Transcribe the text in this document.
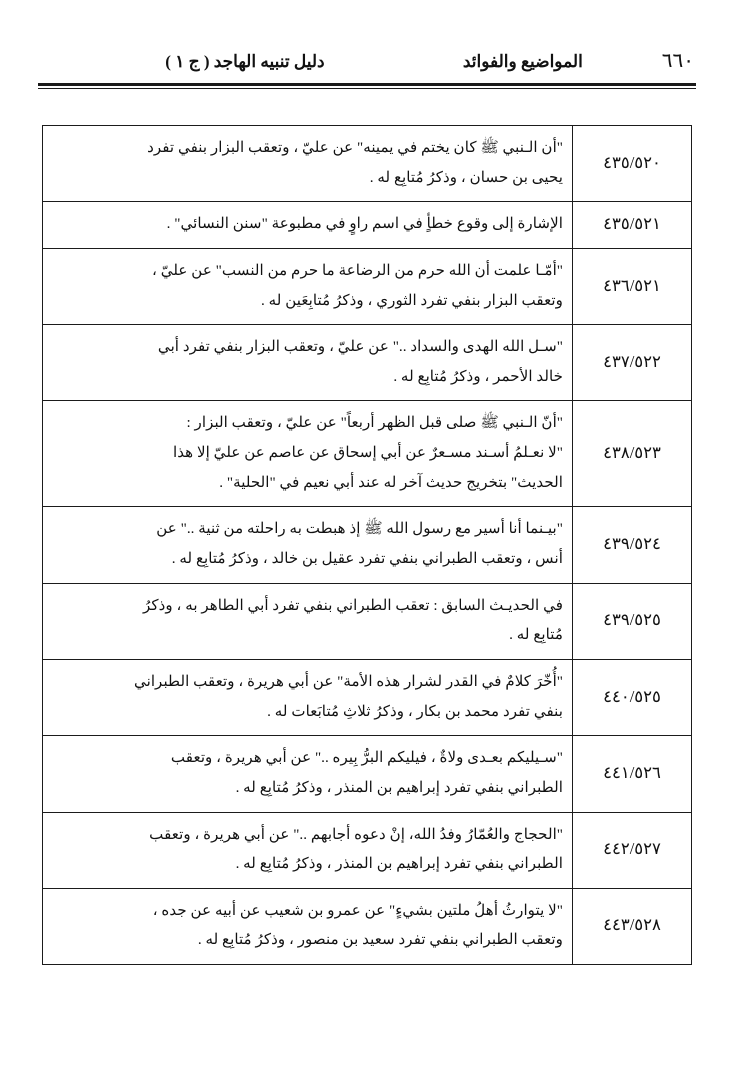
٦٦٠
المواضيع والفوائد
دليل تنبيه الهاجد ( ج ١ )
٤٣٥/٥٢٠	"أن الـنبي ﷺ كان يختم في يمينه" عن عليّ ، وتعقب البزار بنفي تفرد
يحيى بن حسان ، وذكرُ مُتابِع له .

٤٣٥/٥٢١	الإشارة إلى وقوع خطأٍ في اسم راوٍ في مطبوعة "سنن النسائي" .

٤٣٦/٥٢١	"أمّـا علمت أن الله حرم من الرضاعة ما حرم من النسب" عن عليّ ،
وتعقب البزار بنفي تفرد الثوري ، وذكرُ مُتابِعَين له .

٤٣٧/٥٢٢	"سـل الله الهدى والسداد .." عن عليّ ، وتعقب البزار بنفي تفرد أبي
خالد الأحمر ، وذكرُ مُتابِع له .

٤٣٨/٥٢٣	"أنّ الـنبي ﷺ صلى قبل الظهر أربعاً" عن عليّ ، وتعقب البزار :
"لا نعـلمُ أسـند مسـعرٌ عن أبي إسحاق عن عاصم عن عليّ إلا هذا
الحديث" بتخريج حديث آخر له عند أبي نعيم في "الحلية" .

٤٣٩/٥٢٤	"بيـنما أنا أسير مع رسول الله ﷺ إذ هبطت به راحلته من ثنية .." عن
أنس ، وتعقب الطبراني بنفي تفرد عقيل بن خالد ، وذكرُ مُتابِع له .

٤٣٩/٥٢٥	في الحديـث السابق : تعقب الطبراني بنفي تفرد أبي الطاهر به ، وذكرُ
مُتابِع له .

٤٤٠/٥٢٥	"أُخّرَ كلامٌ في القدر لشرار هذه الأمة" عن أبي هريرة ، وتعقب الطبراني
بنفي تفرد محمد بن بكار ، وذكرُ ثلاثِ مُتابَعات له .

٤٤١/٥٢٦	"سـيليكم بعـدى ولاةٌ ، فيليكم البرُّ بِيره .." عن أبي هريرة ، وتعقب
الطبراني بنفي تفرد إبراهيم بن المنذر ، وذكرُ مُتابِع له .

٤٤٢/٥٢٧	"الحجاج والعُمّارُ وفدُ الله، إنْ دعوه أجابهم .." عن أبي هريرة ، وتعقب
الطبراني بنفي تفرد إبراهيم بن المنذر ، وذكرُ مُتابِع له .

٤٤٣/٥٢٨	"لا يتوارثُ أهلُ ملتين بشيءٍ" عن عمرو بن شعيب عن أبيه عن جده ،
وتعقب الطبراني بنفي تفرد سعيد بن منصور ، وذكرُ مُتابِع له .
